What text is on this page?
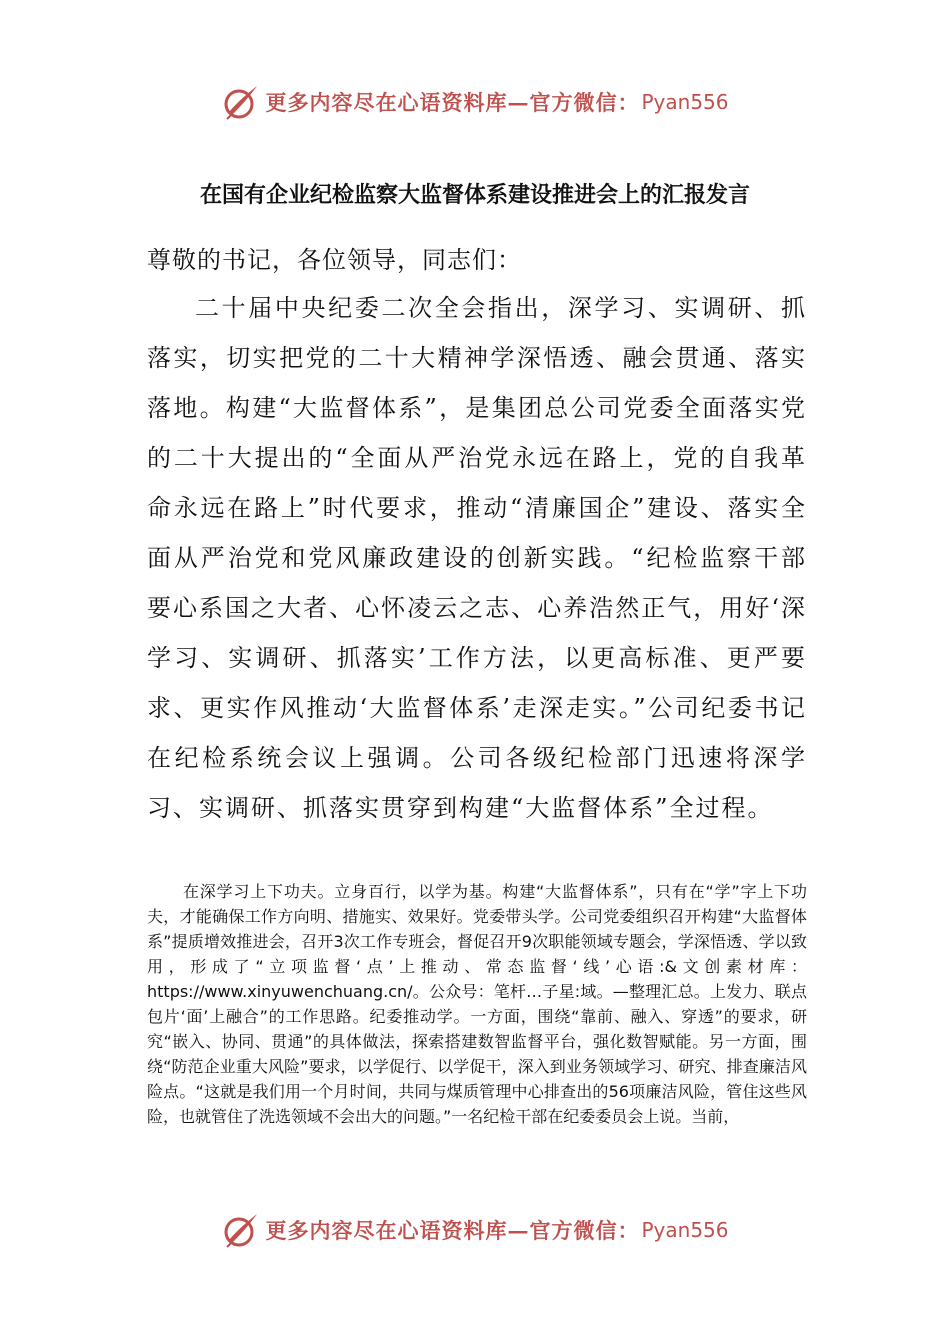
更多内容尽在心语资料库—官方微信： Pyan556
在国有企业纪检监察大监督体系建设推进会上的汇报发言
尊敬的书记，各位领导，同志们：
二十届中央纪委二次全会指出，深学习、实调研、抓落实，切实把党的二十大精神学深悟透、融会贯通、落实落地。构建“大监督体系”，是集团总公司党委全面落实党的二十大提出的“全面从严治党永远在路上，党的自我革命永远在路上”时代要求，推动“清廉国企”建设、落实全面从严治党和党风廉政建设的创新实践。“纪检监察干部要心系国之大者、心怀凌云之志、心养浩然正气，用好‘深学习、实调研、抓落实’工作方法，以更高标准、更严要求、更实作风推动‘大监督体系’走深走实。”公司纪委书记在纪检系统会议上强调。公司各级纪检部门迅速将深学习、实调研、抓落实贯穿到构建“大监督体系”全过程。
在深学习上下功夫。立身百行，以学为基。构建“大监督体系”，只有在“学”字上下功夫，才能确保工作方向明、措施实、效果好。党委带头学。公司党委组织召开构建“大监督体系”提质增效推进会，召开3次工作专班会，督促召开9次职能领域专题会，学深悟透、学以致用，形成了“立项监督‘点’上推动、常态监督‘线’心语:&文创素材库：https://www.xinyuwenchuang.cn/。公众号：笔杆…子星:域。—整理汇总。上发力、联点包片‘面’上融合”的工作思路。纪委推动学。一方面，围绕“靠前、融入、穿透”的要求，研究“嵌入、协同、贯通”的具体做法，探索搭建数智监督平台，强化数智赋能。另一方面，围绕“防范企业重大风险”要求，以学促行、以学促干，深入到业务领域学习、研究、排查廉洁风险点。“这就是我们用一个月时间，共同与煤质管理中心排查出的56项廉洁风险，管住这些风险，也就管住了洗选领域不会出大的问题。”一名纪检干部在纪委委员会上说。当前，
更多内容尽在心语资料库—官方微信： Pyan556
